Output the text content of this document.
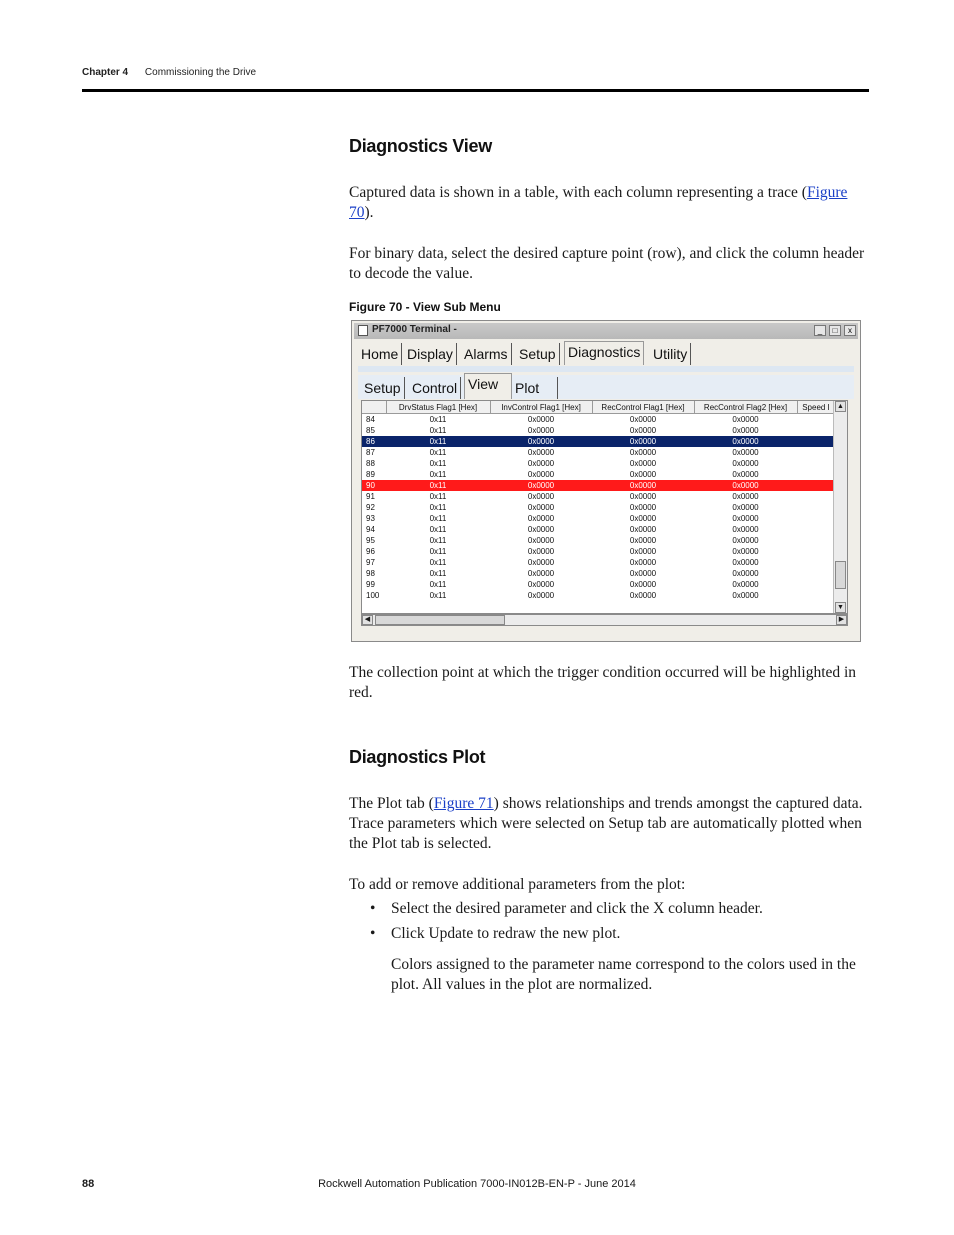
Chapter 4 Commissioning the Drive
Diagnostics View
Captured data is shown in a table, with each column representing a trace (Figure 70).
For binary data, select the desired capture point (row), and click the column header to decode the value.
Figure 70 - View Sub Menu
PF7000 Terminal -	_	□	x
Home Display Alarms Setup Diagnostics Utility
Setup Control View	Plot
	DrvStatus Flag1 [Hex]	InvControl Flag1 [Hex]	RecControl Flag1 [Hex]	RecControl Flag2 [Hex]	Speed I
84	0x11	0x0000	0x0000	0x0000	
85	0x11	0x0000	0x0000	0x0000	
86	0x11	0x0000	0x0000	0x0000	
87	0x11	0x0000	0x0000	0x0000	
88	0x11	0x0000	0x0000	0x0000	
89	0x11	0x0000	0x0000	0x0000	
90	0x11	0x0000	0x0000	0x0000	
91	0x11	0x0000	0x0000	0x0000	
92	0x11	0x0000	0x0000	0x0000	
93	0x11	0x0000	0x0000	0x0000	
94	0x11	0x0000	0x0000	0x0000	
95	0x11	0x0000	0x0000	0x0000	
96	0x11	0x0000	0x0000	0x0000	
97	0x11	0x0000	0x0000	0x0000	
98	0x11	0x0000	0x0000	0x0000	
99	0x11	0x0000	0x0000	0x0000	
100	0x11	0x0000	0x0000	0x0000	
▲
▼
◀	▶
The collection point at which the trigger condition occurred will be highlighted in red.
Diagnostics Plot
The Plot tab (Figure 71) shows relationships and trends amongst the captured data. Trace parameters which were selected on Setup tab are automatically plotted when the Plot tab is selected.
To add or remove additional parameters from the plot:
• Select the desired parameter and click the X column header.
• Click Update to redraw the new plot.
Colors assigned to the parameter name correspond to the colors used in the plot. All values in the plot are normalized.
88	Rockwell Automation Publication 7000-IN012B-EN-P - June 2014
